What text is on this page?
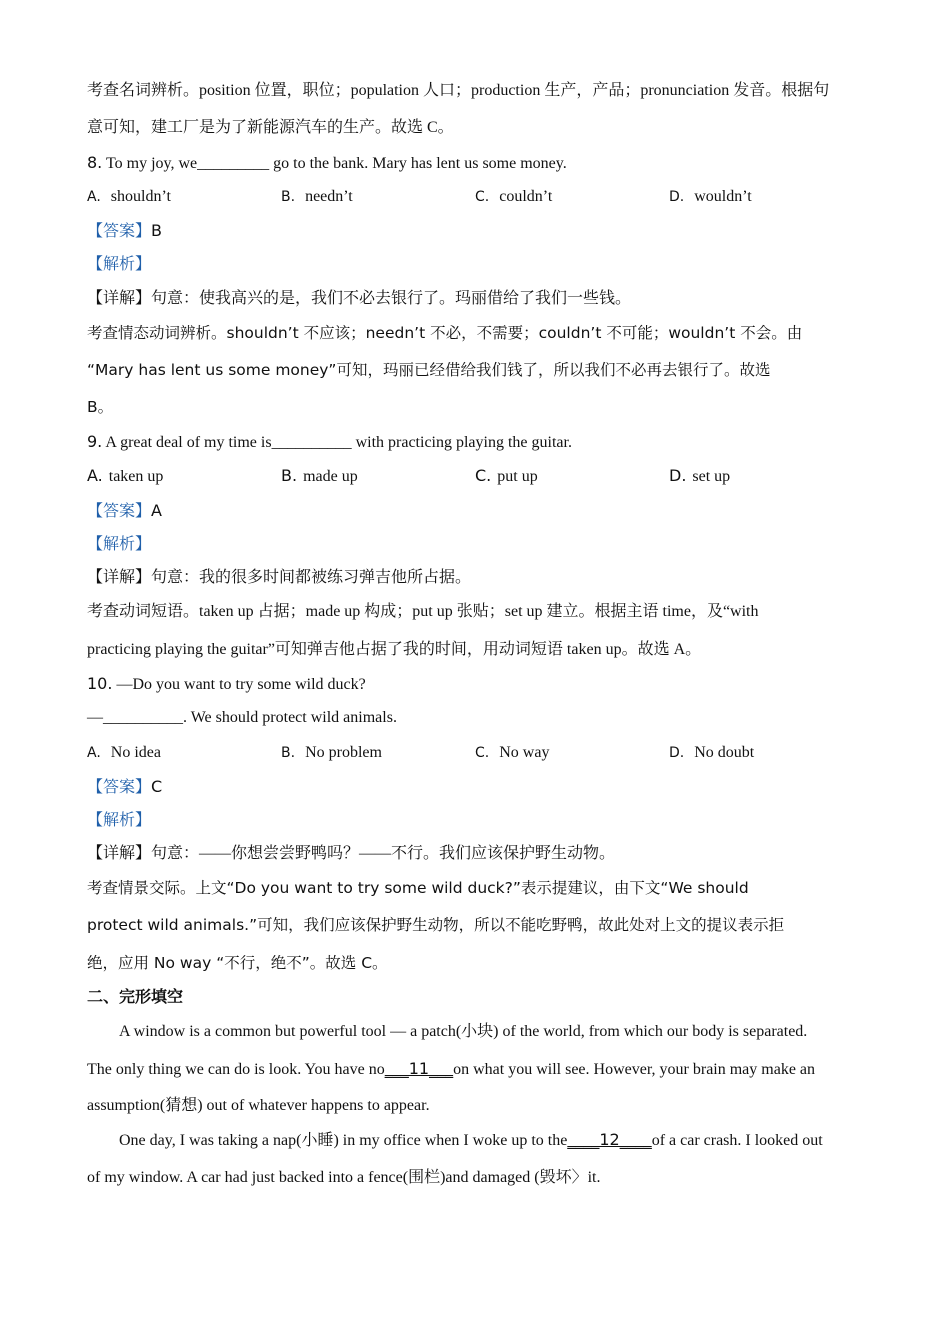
考查名词辨析。position 位置，职位；population 人口；production 生产，产品；pronunciation 发音。根据句
意可知，建工厂是为了新能源汽车的生产。故选 C。
8. To my joy, we_________ go to the bank. Mary has lent us some money.
A. shouldn’t	B. needn’t	C. couldn’t	D. wouldn’t
【答案】B
【解析】
【详解】句意：使我高兴的是，我们不必去银行了。玛丽借给了我们一些钱。
考查情态动词辨析。shouldn’t 不应该；needn’t 不必，不需要；couldn’t 不可能；wouldn’t 不会。由
“Mary has lent us some money”可知，玛丽已经借给我们钱了，所以我们不必再去银行了。故选
B。
9. A great deal of my time is__________ with practicing playing the guitar.
A. taken up	B. made up	C. put up	D. set up
【答案】A
【解析】
【详解】句意：我的很多时间都被练习弹吉他所占据。
考查动词短语。taken up 占据；made up 构成；put up 张贴；set up 建立。根据主语 time，及“with
practicing playing the guitar”可知弹吉他占据了我的时间，用动词短语 taken up。故选 A。
10. —Do you want to try some wild duck?
—__________. We should protect wild animals.
A. No idea	B. No problem	C. No way	D. No doubt
【答案】C
【解析】
【详解】句意：——你想尝尝野鸭吗？——不行。我们应该保护野生动物。
考查情景交际。上文“Do you want to try some wild duck?”表示提建议，由下文“We should
protect wild animals.”可知，我们应该保护野生动物，所以不能吃野鸭，故此处对上文的提议表示拒
绝，应用 No way “不行，绝不”。故选 C。
二、完形填空
A window is a common but powerful tool — a patch(小块) of the world, from which our body is separated.
The only thing we can do is look. You have no___11___on what you will see. However, your brain may make an
assumption(猜想) out of whatever happens to appear.
One day, I was taking a nap(小睡) in my office when I woke up to the____12____of a car crash. I looked out
of my window. A car had just backed into a fence(围栏)and damaged (毁坏〉it.
